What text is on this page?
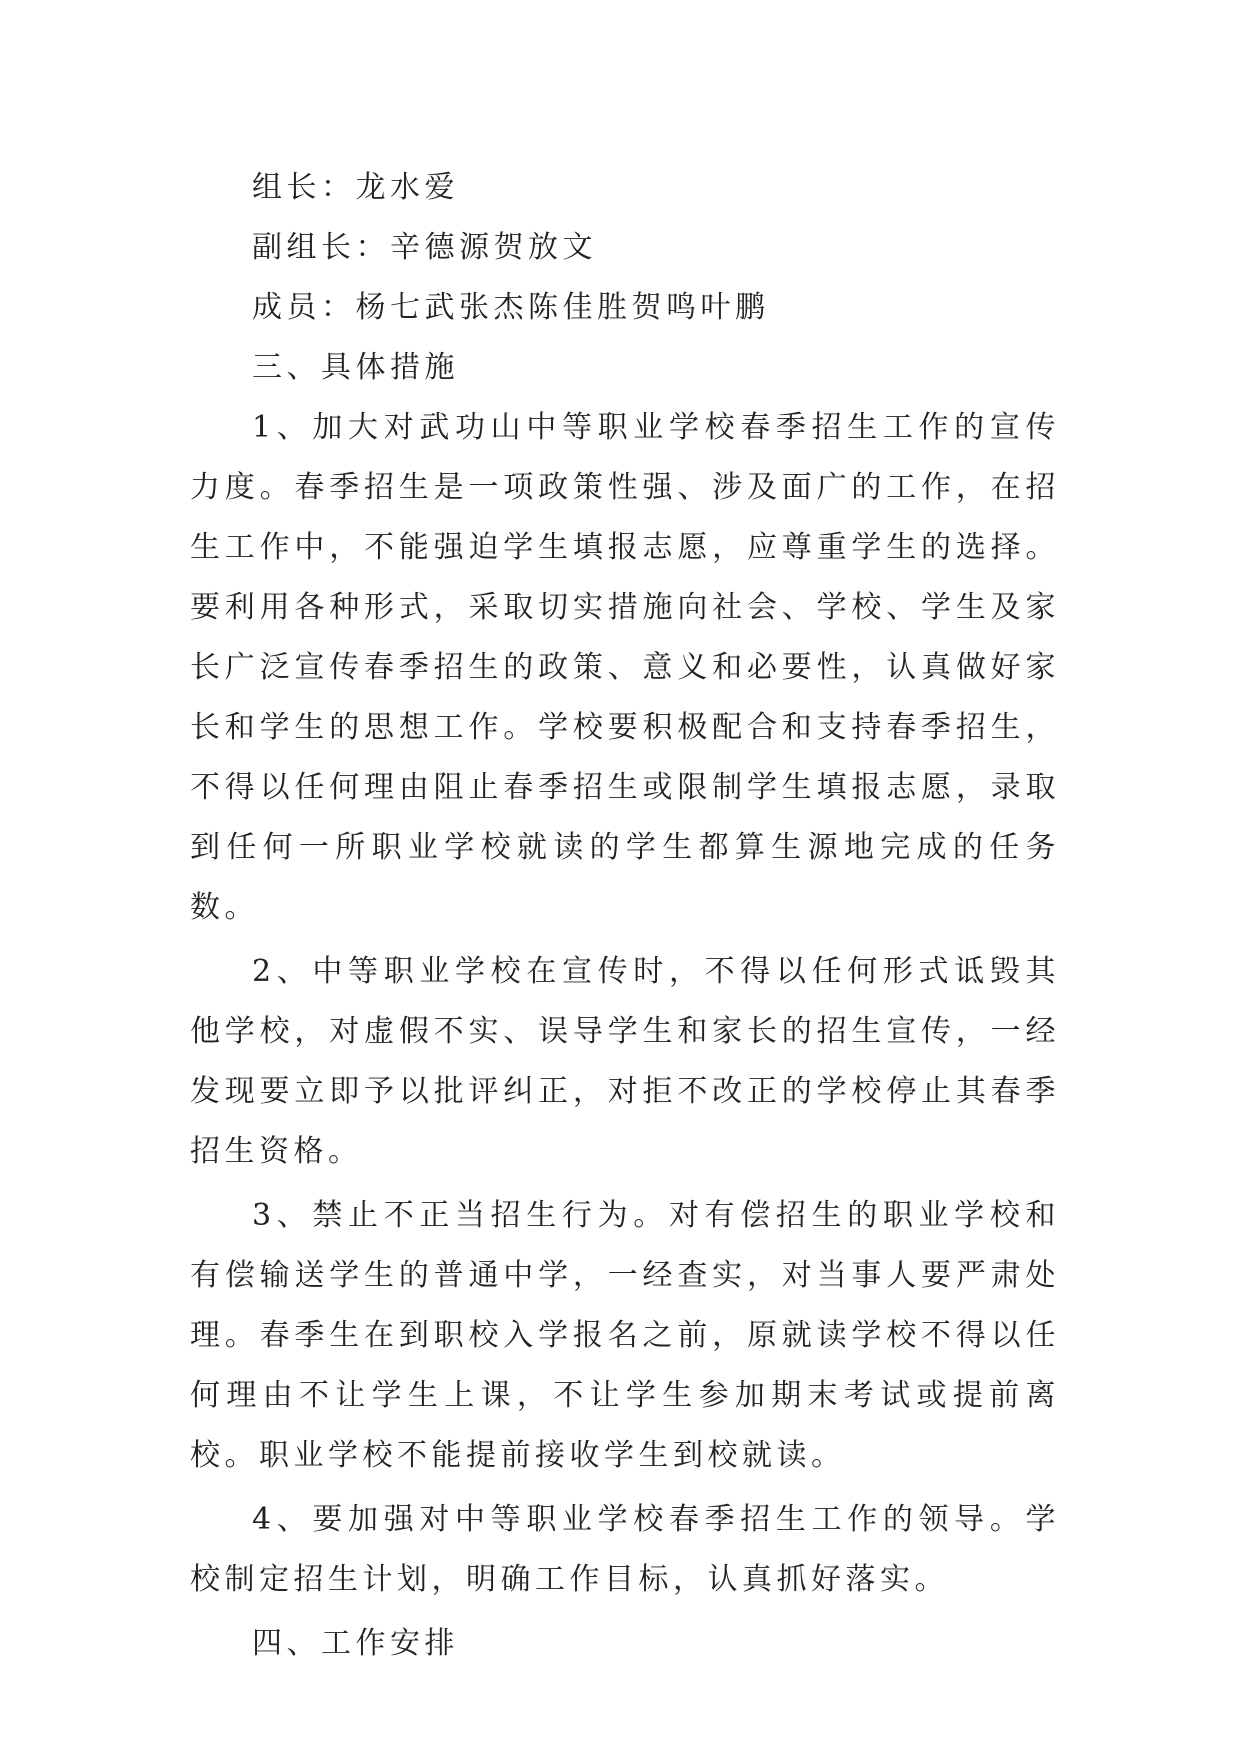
组长：龙水爱

副组长：辛德源贺放文

成员：杨七武张杰陈佳胜贺鸣叶鹏

三、具体措施

1、加大对武功山中等职业学校春季招生工作的宣传力度。春季招生是一项政策性强、涉及面广的工作，在招生工作中，不能强迫学生填报志愿，应尊重学生的选择。要利用各种形式，采取切实措施向社会、学校、学生及家长广泛宣传春季招生的政策、意义和必要性，认真做好家长和学生的思想工作。学校要积极配合和支持春季招生，不得以任何理由阻止春季招生或限制学生填报志愿，录取到任何一所职业学校就读的学生都算生源地完成的任务数。

2、中等职业学校在宣传时，不得以任何形式诋毁其他学校，对虚假不实、误导学生和家长的招生宣传，一经发现要立即予以批评纠正，对拒不改正的学校停止其春季招生资格。

3、禁止不正当招生行为。对有偿招生的职业学校和有偿输送学生的普通中学，一经查实，对当事人要严肃处理。春季生在到职校入学报名之前，原就读学校不得以任何理由不让学生上课，不让学生参加期末考试或提前离校。职业学校不能提前接收学生到校就读。

4、要加强对中等职业学校春季招生工作的领导。学校制定招生计划，明确工作目标，认真抓好落实。

四、工作安排
